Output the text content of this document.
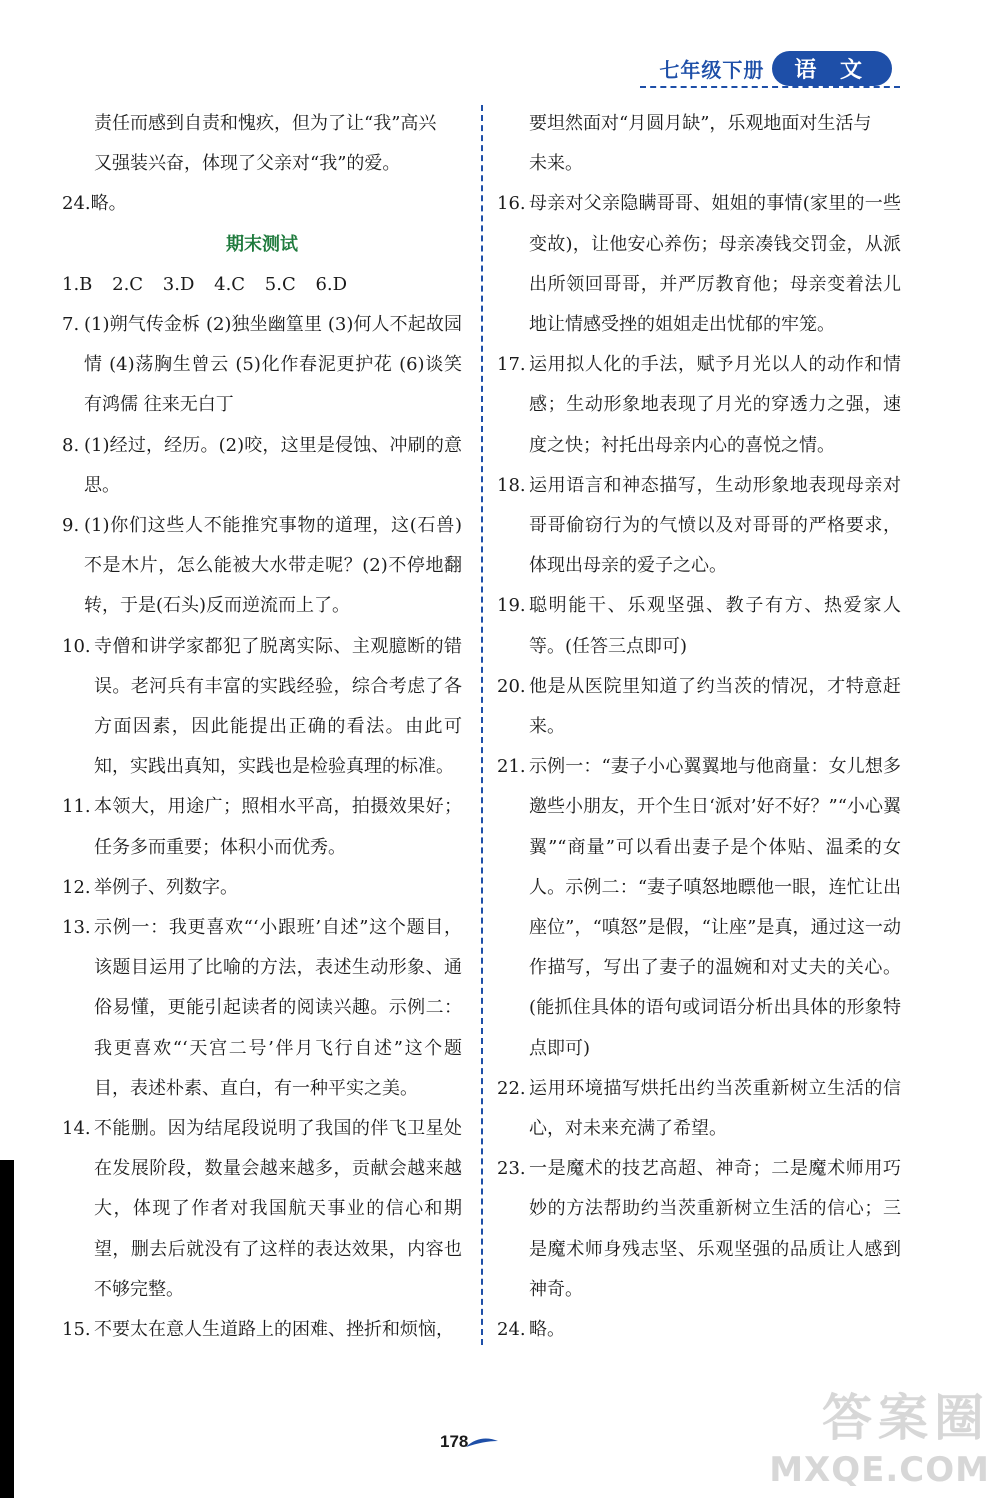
七年级下册	语 文
责任而感到自责和愧疚，但为了让“我”高兴
又强装兴奋，体现了父亲对“我”的爱。
24. 略。
期末测试
1.B 2.C 3.D 4.C 5.C 6.D
7. (1)朔气传金柝 (2)独坐幽篁里 (3)何人不起故园情 (4)荡胸生曾云 (5)化作春泥更护花 (6)谈笑有鸿儒 往来无白丁
8. (1)经过，经历。(2)咬，这里是侵蚀、冲刷的意思。
9. (1)你们这些人不能推究事物的道理，这(石兽)不是木片，怎么能被大水带走呢？(2)不停地翻转，于是(石头)反而逆流而上了。
10. 寺僧和讲学家都犯了脱离实际、主观臆断的错误。老河兵有丰富的实践经验，综合考虑了各方面因素，因此能提出正确的看法。由此可知，实践出真知，实践也是检验真理的标准。
11. 本领大，用途广；照相水平高，拍摄效果好；任务多而重要；体积小而优秀。
12. 举例子、列数字。
13. 示例一：我更喜欢“‘小跟班’自述”这个题目，该题目运用了比喻的方法，表述生动形象、通俗易懂，更能引起读者的阅读兴趣。示例二：我更喜欢“‘天宫二号’伴月飞行自述”这个题目，表述朴素、直白，有一种平实之美。
14. 不能删。因为结尾段说明了我国的伴飞卫星处在发展阶段，数量会越来越多，贡献会越来越大，体现了作者对我国航天事业的信心和期望，删去后就没有了这样的表达效果，内容也不够完整。
15. 不要太在意人生道路上的困难、挫折和烦恼，
要坦然面对“月圆月缺”，乐观地面对生活与
未来。
16. 母亲对父亲隐瞒哥哥、姐姐的事情(家里的一些变故)，让他安心养伤；母亲凑钱交罚金，从派出所领回哥哥，并严厉教育他；母亲变着法儿地让情感受挫的姐姐走出忧郁的牢笼。
17. 运用拟人化的手法，赋予月光以人的动作和情感；生动形象地表现了月光的穿透力之强，速度之快；衬托出母亲内心的喜悦之情。
18. 运用语言和神态描写，生动形象地表现母亲对哥哥偷窃行为的气愤以及对哥哥的严格要求，体现出母亲的爱子之心。
19. 聪明能干、乐观坚强、教子有方、热爱家人等。(任答三点即可)
20. 他是从医院里知道了约当茨的情况，才特意赶来。
21. 示例一：“妻子小心翼翼地与他商量：女儿想多邀些小朋友，开个生日‘派对’好不好？”“小心翼翼”“商量”可以看出妻子是个体贴、温柔的女人。示例二：“妻子嗔怒地瞟他一眼，连忙让出座位”，“嗔怒”是假，“让座”是真，通过这一动作描写，写出了妻子的温婉和对丈夫的关心。(能抓住具体的语句或词语分析出具体的形象特点即可)
22. 运用环境描写烘托出约当茨重新树立生活的信心，对未来充满了希望。
23. 一是魔术的技艺高超、神奇；二是魔术师用巧妙的方法帮助约当茨重新树立生活的信心；三是魔术师身残志坚、乐观坚强的品质让人感到神奇。
24. 略。
178	答案圈
MXQE.COM
